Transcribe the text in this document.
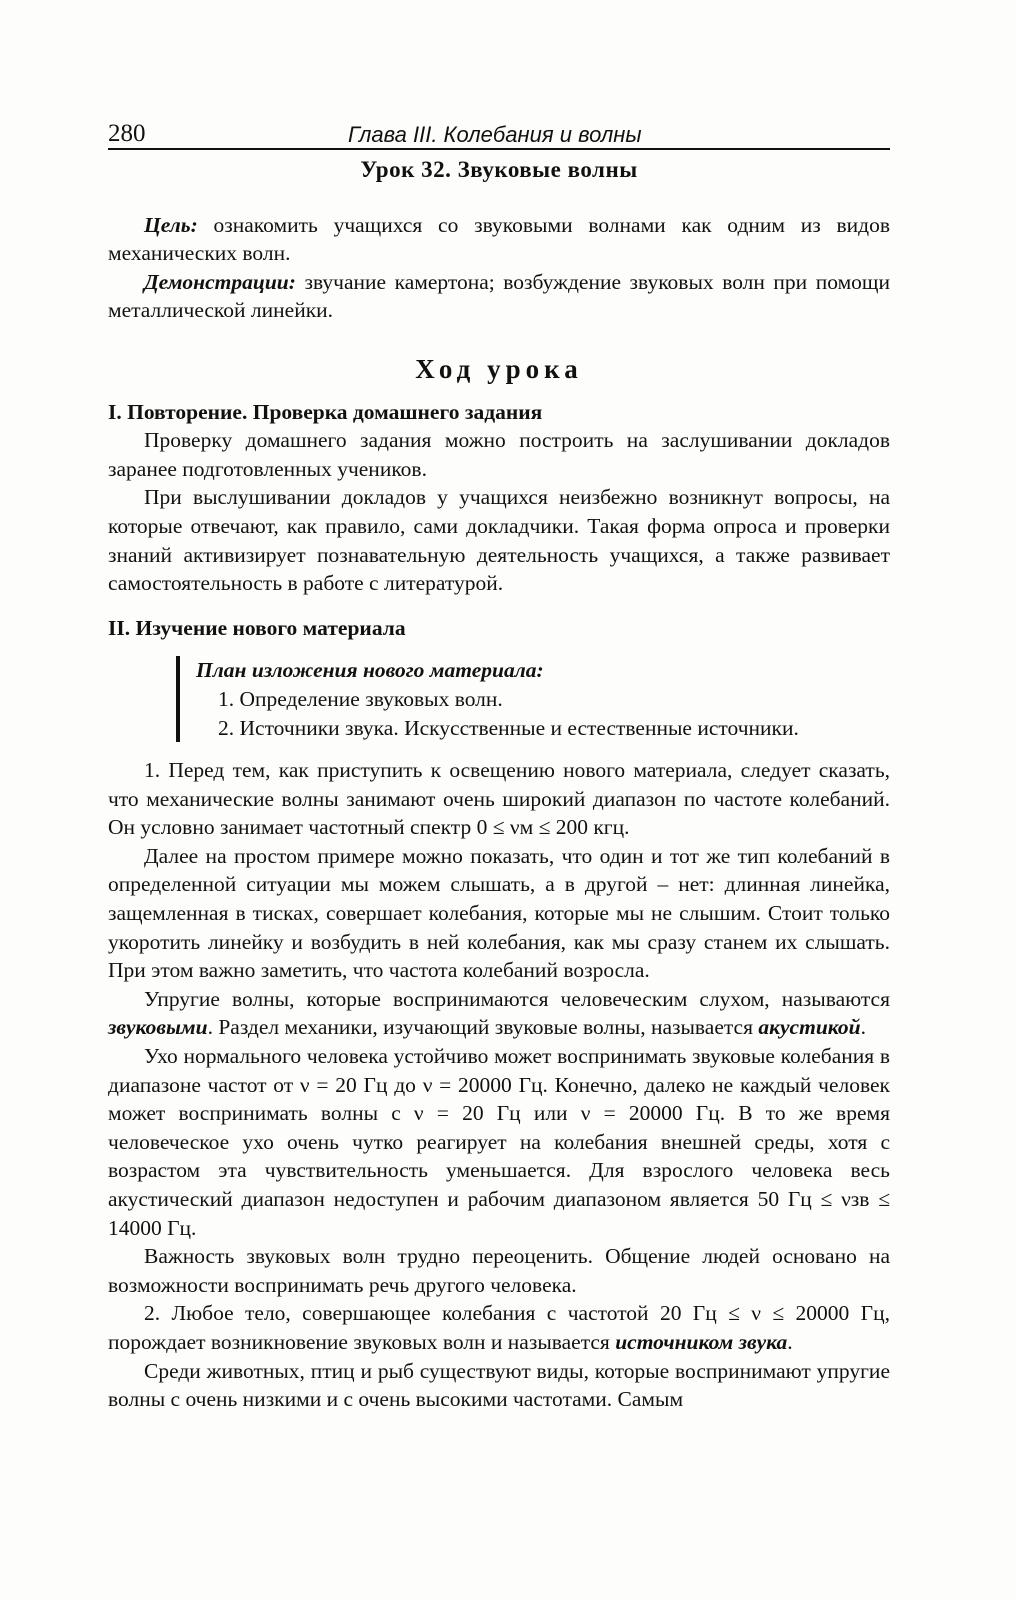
280	Глава III. Колебания и волны

Урок 32. Звуковые волны

Цель: ознакомить учащихся со звуковыми волнами как одним из видов механических волн.

Демонстрации: звучание камертона; возбуждение звуковых волн при помощи металлической линейки.

Ход урока

I. Повторение. Проверка домашнего задания

Проверку домашнего задания можно построить на заслушивании докладов заранее подготовленных учеников.

При выслушивании докладов у учащихся неизбежно возникнут вопросы, на которые отвечают, как правило, сами докладчики. Такая форма опроса и проверки знаний активизирует познавательную деятельность учащихся, а также развивает самостоятельность в работе с литературой.

II. Изучение нового материала

План изложения нового материала:
1. Определение звуковых волн.
2. Источники звука. Искусственные и естественные источники.

1. Перед тем, как приступить к освещению нового материала, следует сказать, что механические волны занимают очень широкий диапазон по частоте колебаний. Он условно занимает частотный спектр 0 ≤ νм ≤ 200 кгц.

Далее на простом примере можно показать, что один и тот же тип колебаний в определенной ситуации мы можем слышать, а в другой – нет: длинная линейка, защемленная в тисках, совершает колебания, которые мы не слышим. Стоит только укоротить линейку и возбудить в ней колебания, как мы сразу станем их слышать. При этом важно заметить, что частота колебаний возросла.

Упругие волны, которые воспринимаются человеческим слухом, называются звуковыми. Раздел механики, изучающий звуковые волны, называется акустикой.

Ухо нормального человека устойчиво может воспринимать звуковые колебания в диапазоне частот от ν = 20 Гц до ν = 20000 Гц. Конечно, далеко не каждый человек может воспринимать волны с ν = 20 Гц или ν = 20000 Гц. В то же время человеческое ухо очень чутко реагирует на колебания внешней среды, хотя с возрастом эта чувствительность уменьшается. Для взрослого человека весь акустический диапазон недоступен и рабочим диапазоном является 50 Гц ≤ νзв ≤ 14000 Гц.

Важность звуковых волн трудно переоценить. Общение людей основано на возможности воспринимать речь другого человека.

2. Любое тело, совершающее колебания с частотой 20 Гц ≤ ν ≤ 20000 Гц, порождает возникновение звуковых волн и называется источником звука.

Среди животных, птиц и рыб существуют виды, которые воспринимают упругие волны с очень низкими и с очень высокими частотами. Самым
